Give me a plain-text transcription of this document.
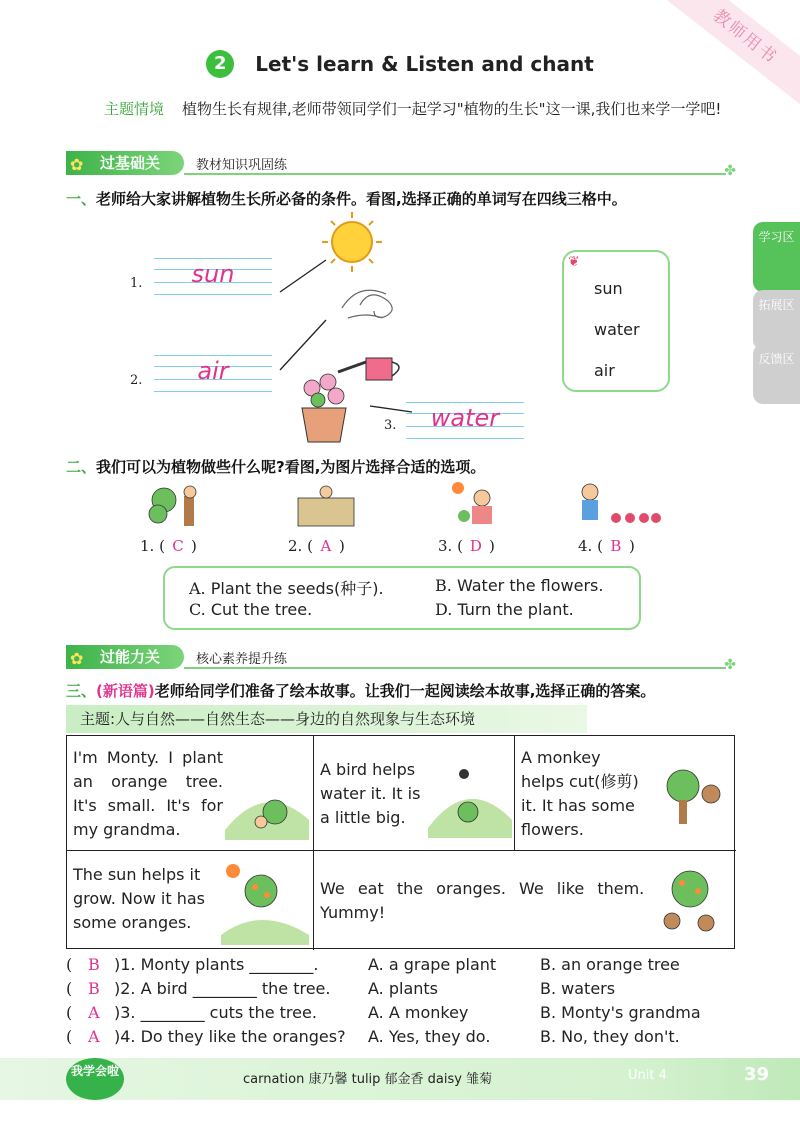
教师用书
2 Let's learn & Listen and chant
主题情境 植物生长有规律,老师带领同学们一起学习"植物的生长"这一课,我们也来学一学吧!
✿ 过基础关	教材知识巩固练	✤
一、老师给大家讲解植物生长所必备的条件。看图,选择正确的单词写在四线三格中。
1.	sun
2.	air
3.	water
❦
sun
water
air
二、我们可以为植物做些什么呢?看图,为图片选择合适的选项。
1. ( C )	2. ( A )	3. ( D )	4. ( B )
A. Plant the seeds(种子).	B. Water the flowers.
C. Cut the tree.	D. Turn the plant.
✿ 过能力关	核心素养提升练	✤
三、(新语篇)老师给同学们准备了绘本故事。让我们一起阅读绘本故事,选择正确的答案。
主题:人与自然——自然生态——身边的自然现象与生态环境
I'm Monty. I plant an orange tree. It's small. It's for my grandma.
A bird helps water it. It is a little big.
A monkey helps cut(修剪) it. It has some flowers.
The sun helps it grow. Now it has some oranges.
We eat the oranges. We like them. Yummy!
( B )1. Monty plants ________.	A. a grape plant	B. an orange tree
( B )2. A bird ________ the tree. A. plants	B. waters
( A )3. ________ cuts the tree.	A. A monkey	B. Monty's grandma
( A )4. Do they like the oranges? A. Yes, they do.	B. No, they don't.
学习区
拓展区
反馈区
我学会啦
carnation 康乃馨 tulip 郁金香 daisy 雏菊	Unit 4	39
